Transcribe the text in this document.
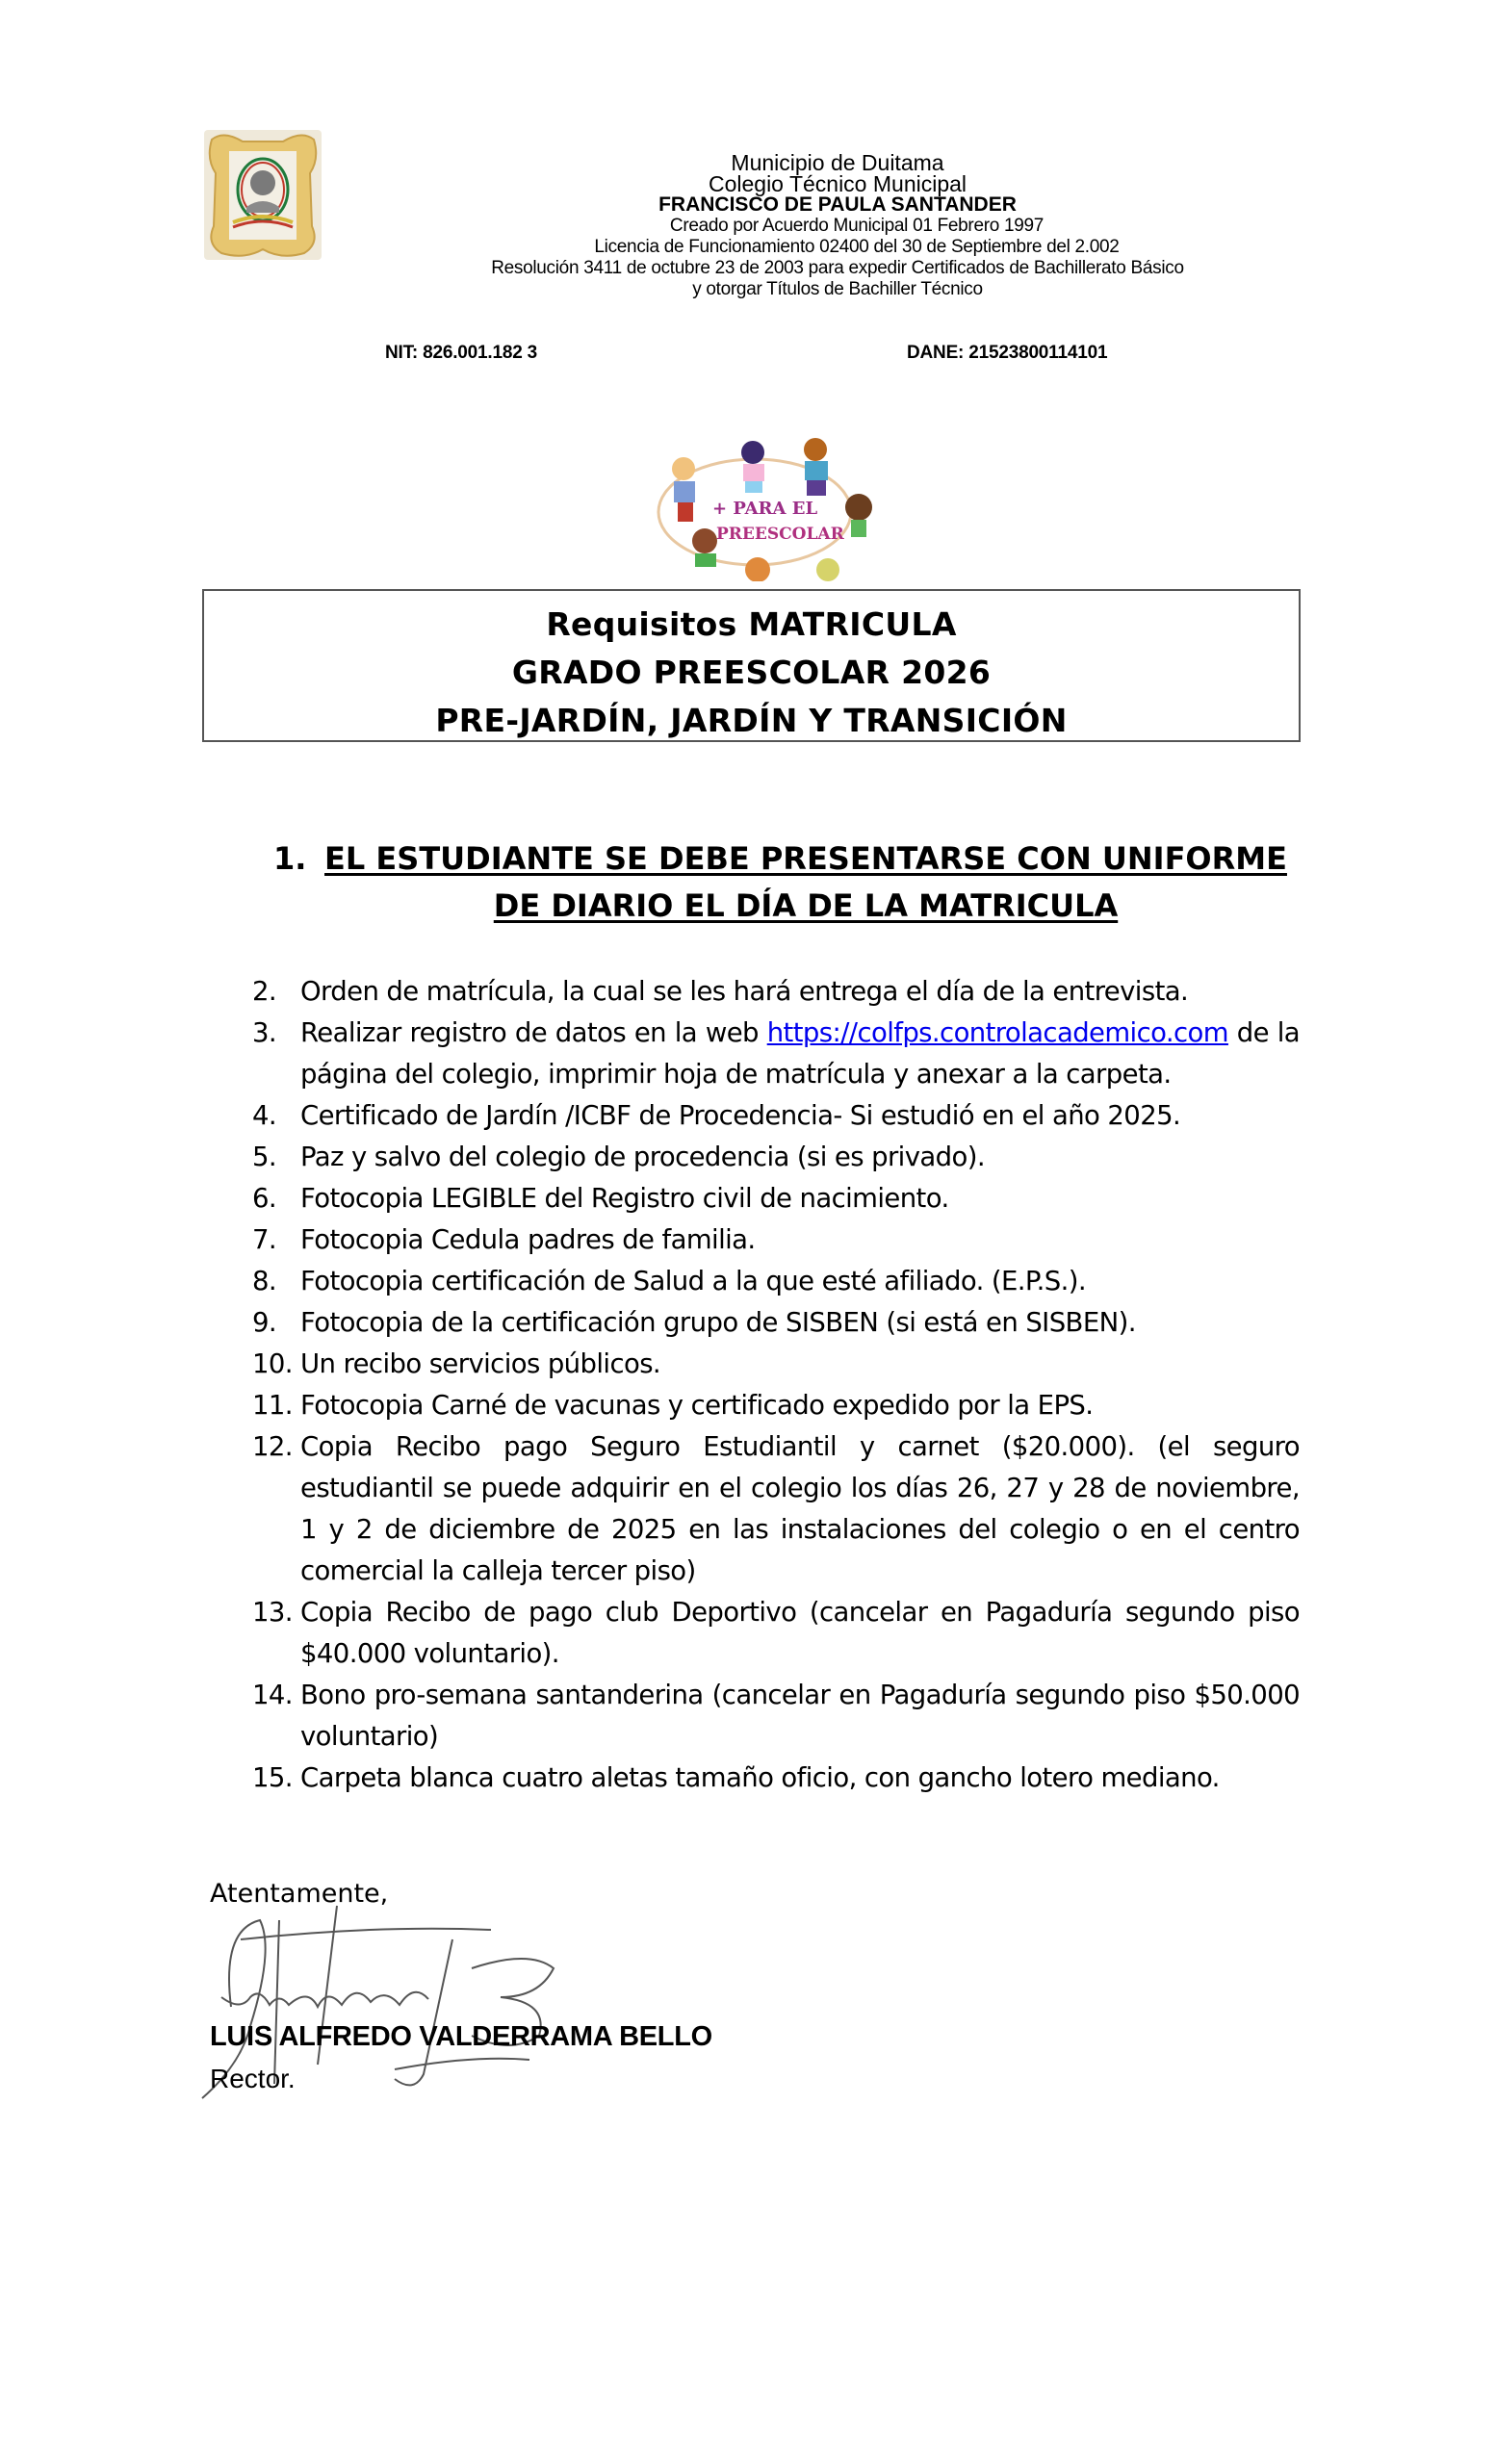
Municipio de Duitama
Colegio Técnico Municipal
FRANCISCO DE PAULA SANTANDER
Creado por Acuerdo Municipal 01 Febrero 1997
Licencia de Funcionamiento 02400 del 30 de Septiembre del 2.002
Resolución 3411 de octubre 23 de 2003 para expedir Certificados de Bachillerato Básico
y otorgar Títulos de Bachiller Técnico
NIT: 826.001.182 3	DANE: 21523800114101
+ PARA EL
PREESCOLAR
Requisitos MATRICULA
GRADO PREESCOLAR 2026
PRE-JARDÍN, JARDÍN Y TRANSICIÓN
1. EL ESTUDIANTE SE DEBE PRESENTARSE CON UNIFORME
DE DIARIO EL DÍA DE LA MATRICULA
2. Orden de matrícula, la cual se les hará entrega el día de la entrevista.
3. Realizar registro de datos en la web https://colfps.controlacademico.com de la página del colegio, imprimir hoja de matrícula y anexar a la carpeta.
4. Certificado de Jardín /ICBF de Procedencia- Si estudió en el año 2025.
5. Paz y salvo del colegio de procedencia (si es privado).
6. Fotocopia LEGIBLE del Registro civil de nacimiento.
7. Fotocopia Cedula padres de familia.
8. Fotocopia certificación de Salud a la que esté afiliado. (E.P.S.).
9. Fotocopia de la certificación grupo de SISBEN (si está en SISBEN).
10. Un recibo servicios públicos.
11. Fotocopia Carné de vacunas y certificado expedido por la EPS.
12. Copia Recibo pago Seguro Estudiantil y carnet ($20.000). (el seguro estudiantil se puede adquirir en el colegio los días 26, 27 y 28 de noviembre, 1 y 2 de diciembre de 2025 en las instalaciones del colegio o en el centro comercial la calleja tercer piso)
13. Copia Recibo de pago club Deportivo (cancelar en Pagaduría segundo piso $40.000 voluntario).
14. Bono pro-semana santanderina (cancelar en Pagaduría segundo piso $50.000 voluntario)
15. Carpeta blanca cuatro aletas tamaño oficio, con gancho lotero mediano.
Atentamente,
LUIS ALFREDO VALDERRAMA BELLO
Rector.
